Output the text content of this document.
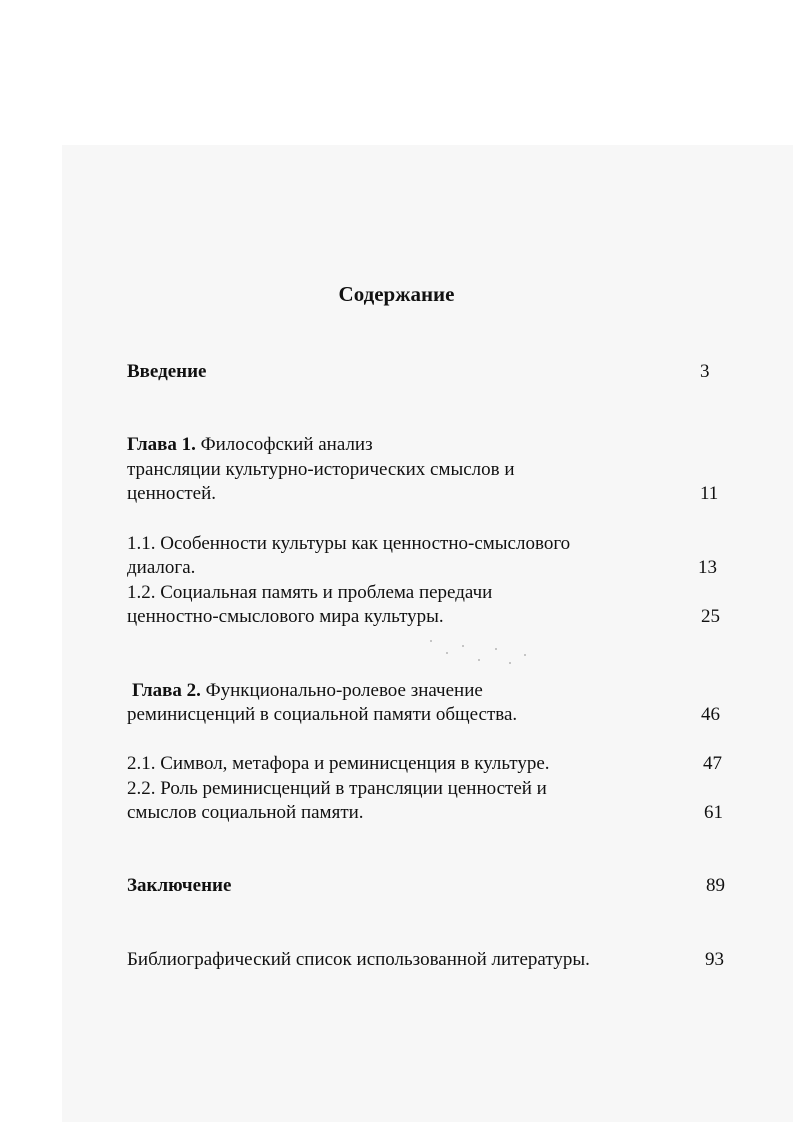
Содержание
Введение	3
Глава 1. Философский анализ
трансляции культурно-исторических смыслов и
ценностей.	11
1.1. Особенности культуры как ценностно-смыслового
диалога.	13
1.2. Социальная память и проблема передачи
ценностно-смыслового мира культуры.	25
Глава 2. Функционально-ролевое значение
реминисценций в социальной памяти общества.	46
2.1. Символ, метафора и реминисценция в культуре.	47
2.2. Роль реминисценций в трансляции ценностей и
смыслов социальной памяти.	61
Заключение	89
Библиографический список использованной литературы.	93
